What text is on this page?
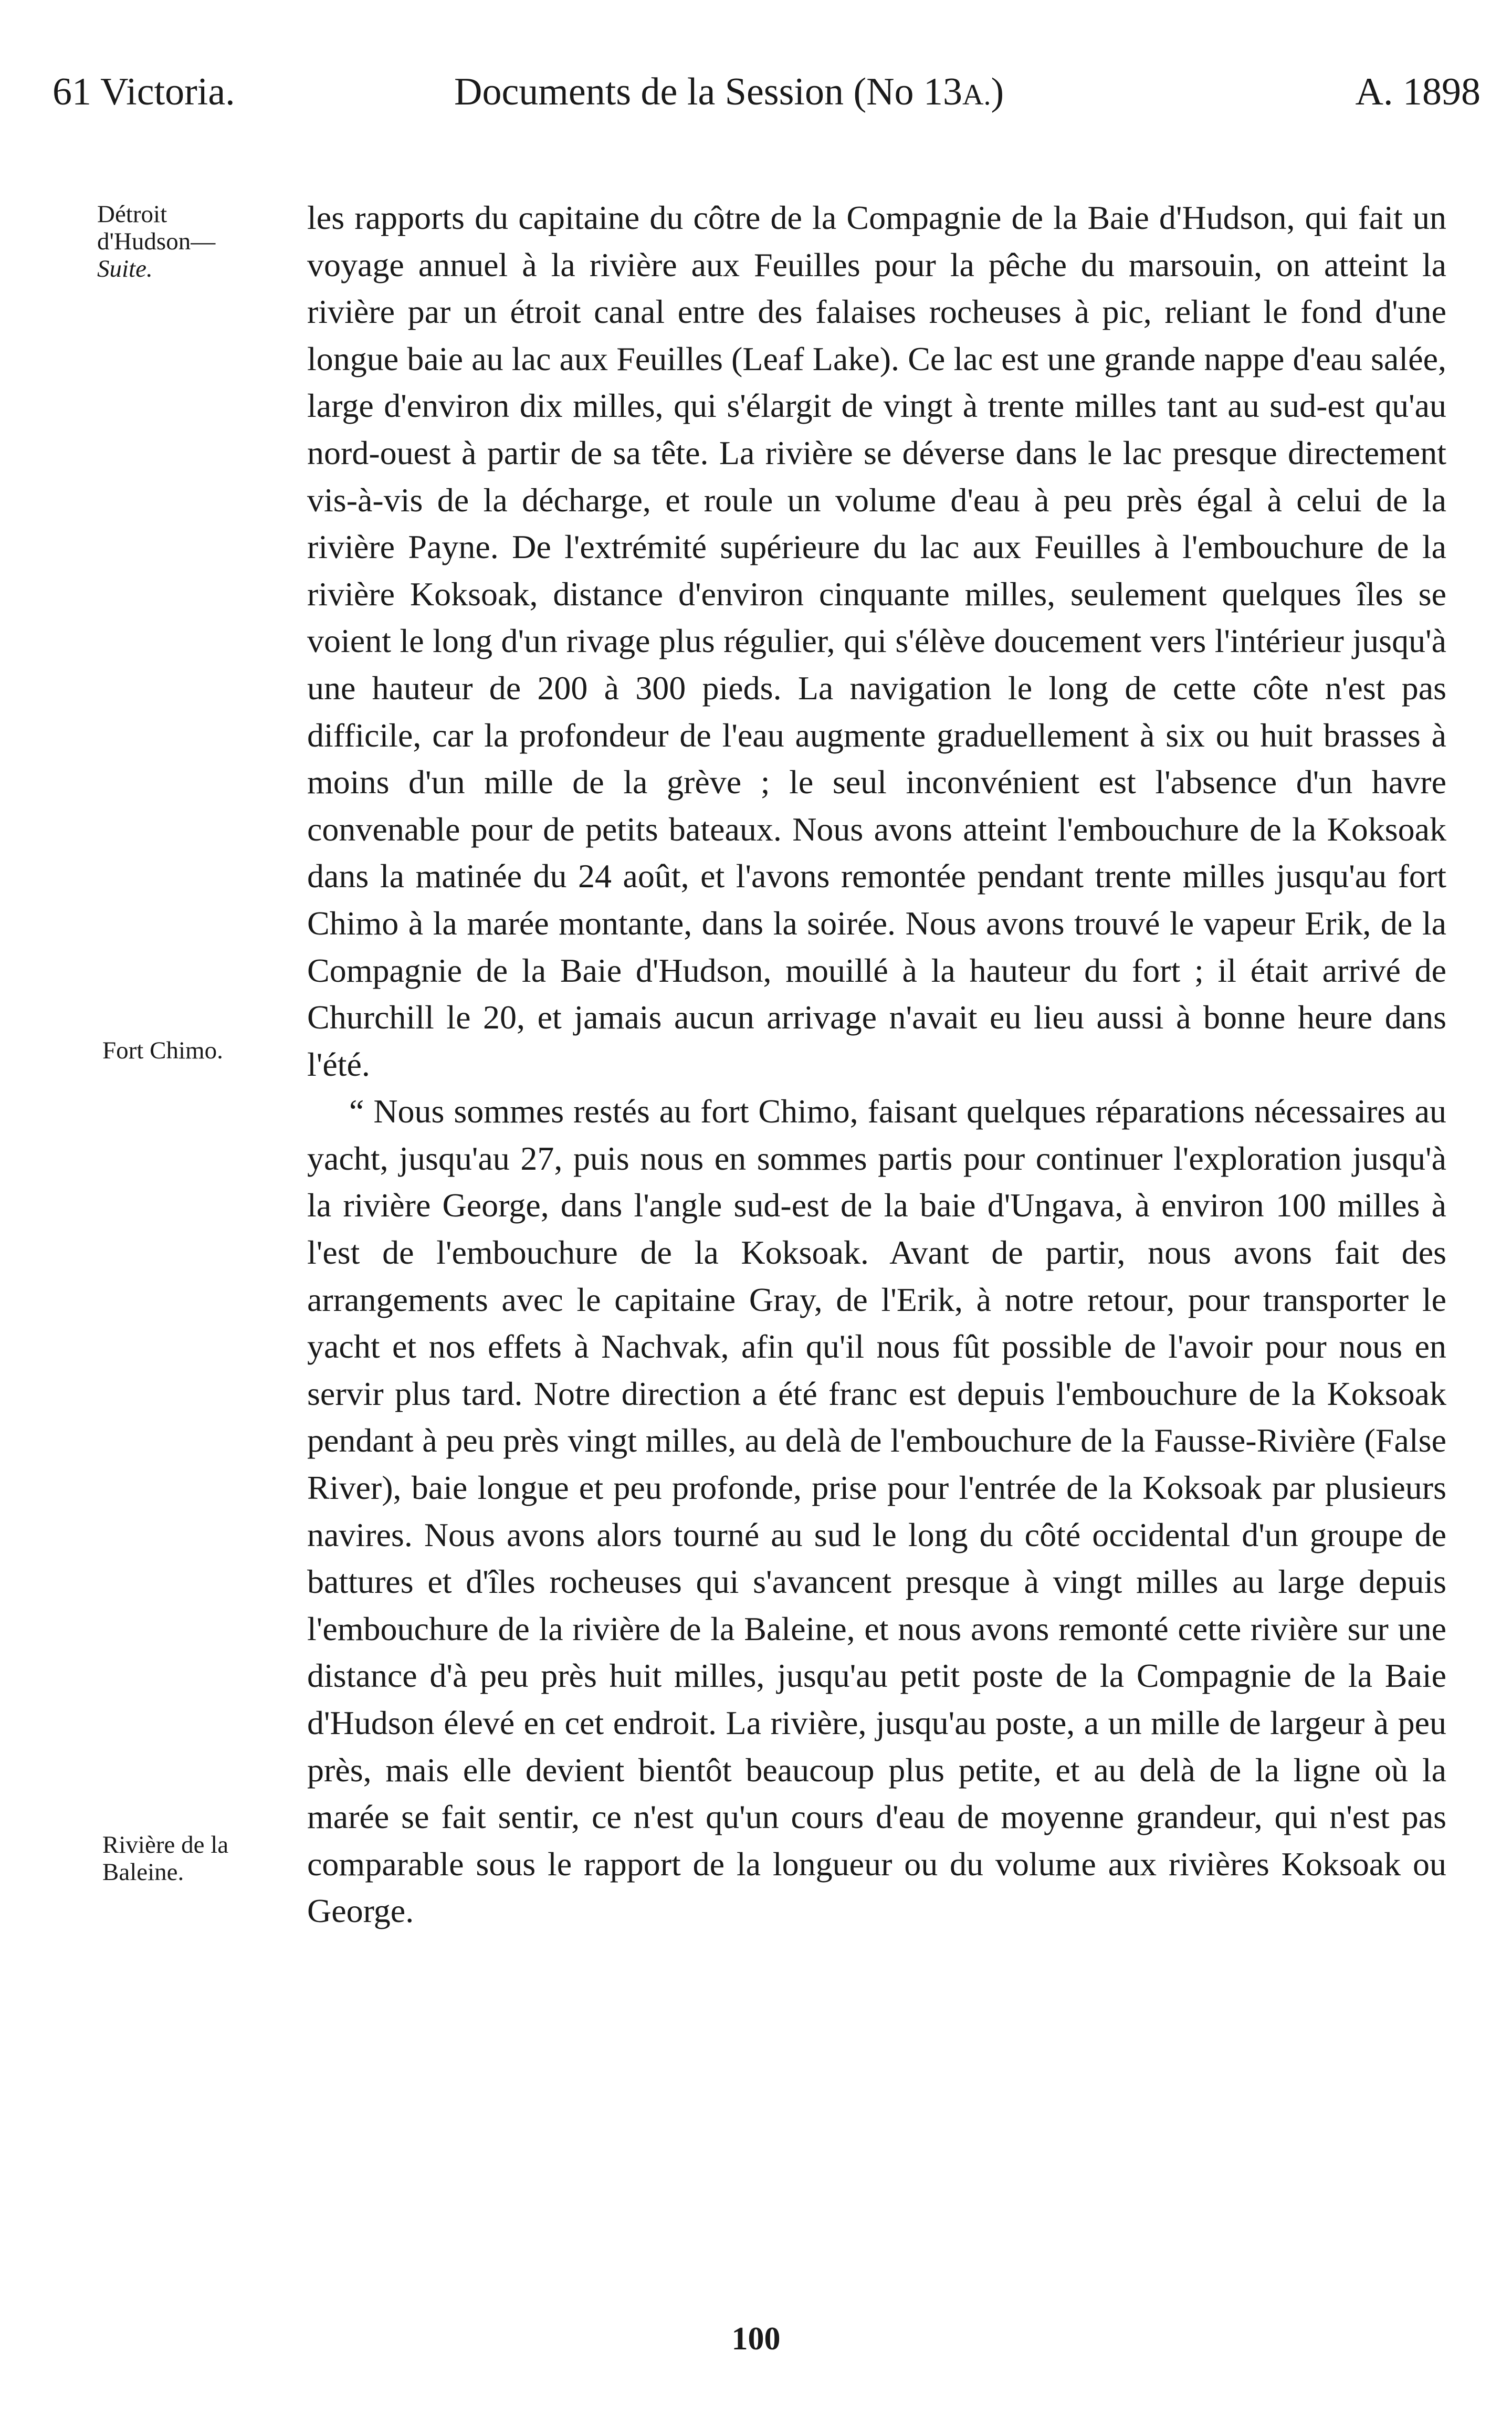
61 Victoria.	Documents de la Session (No 13A.)	A. 1898
Détroit
d'Hudson—
Suite.
Fort Chimo.
Rivière de la
Baleine.

les rapports du capitaine du côtre de la Compagnie de la Baie d'Hudson, qui fait un voyage annuel à la rivière aux Feuilles pour la pêche du marsouin, on atteint la rivière par un étroit canal entre des falaises rocheuses à pic, reliant le fond d'une longue baie au lac aux Feuilles (Leaf Lake). Ce lac est une grande nappe d'eau salée, large d'environ dix milles, qui s'élargit de vingt à trente milles tant au sud-est qu'au nord-ouest à partir de sa tête. La rivière se déverse dans le lac presque directement vis-à-vis de la décharge, et roule un volume d'eau à peu près égal à celui de la rivière Payne. De l'extrémité supérieure du lac aux Feuilles à l'embouchure de la rivière Koksoak, distance d'environ cinquante milles, seulement quelques îles se voient le long d'un rivage plus régulier, qui s'élève doucement vers l'intérieur jusqu'à une hauteur de 200 à 300 pieds. La navigation le long de cette côte n'est pas difficile, car la profondeur de l'eau augmente graduellement à six ou huit brasses à moins d'un mille de la grève ; le seul inconvénient est l'absence d'un havre convenable pour de petits bateaux. Nous avons atteint l'embouchure de la Koksoak dans la matinée du 24 août, et l'avons remontée pendant trente milles jusqu'au fort Chimo à la marée montante, dans la soirée. Nous avons trouvé le vapeur Erik, de la Compagnie de la Baie d'Hudson, mouillé à la hauteur du fort ; il était arrivé de Churchill le 20, et jamais aucun arrivage n'avait eu lieu aussi à bonne heure dans l'été.

“ Nous sommes restés au fort Chimo, faisant quelques réparations nécessaires au yacht, jusqu'au 27, puis nous en sommes partis pour continuer l'exploration jusqu'à la rivière George, dans l'angle sud-est de la baie d'Ungava, à environ 100 milles à l'est de l'embouchure de la Koksoak. Avant de partir, nous avons fait des arrangements avec le capitaine Gray, de l'Erik, à notre retour, pour transporter le yacht et nos effets à Nachvak, afin qu'il nous fût possible de l'avoir pour nous en servir plus tard. Notre direction a été franc est depuis l'embouchure de la Koksoak pendant à peu près vingt milles, au delà de l'embouchure de la Fausse-Rivière (False River), baie longue et peu profonde, prise pour l'entrée de la Koksoak par plusieurs navires. Nous avons alors tourné au sud le long du côté occidental d'un groupe de battures et d'îles rocheuses qui s'avancent presque à vingt milles au large depuis l'embouchure de la rivière de la Baleine, et nous avons remonté cette rivière sur une distance d'à peu près huit milles, jusqu'au petit poste de la Compagnie de la Baie d'Hudson élevé en cet endroit. La rivière, jusqu'au poste, a un mille de largeur à peu près, mais elle devient bientôt beaucoup plus petite, et au delà de la ligne où la marée se fait sentir, ce n'est qu'un cours d'eau de moyenne grandeur, qui n'est pas comparable sous le rapport de la longueur ou du volume aux rivières Koksoak ou George.

100
